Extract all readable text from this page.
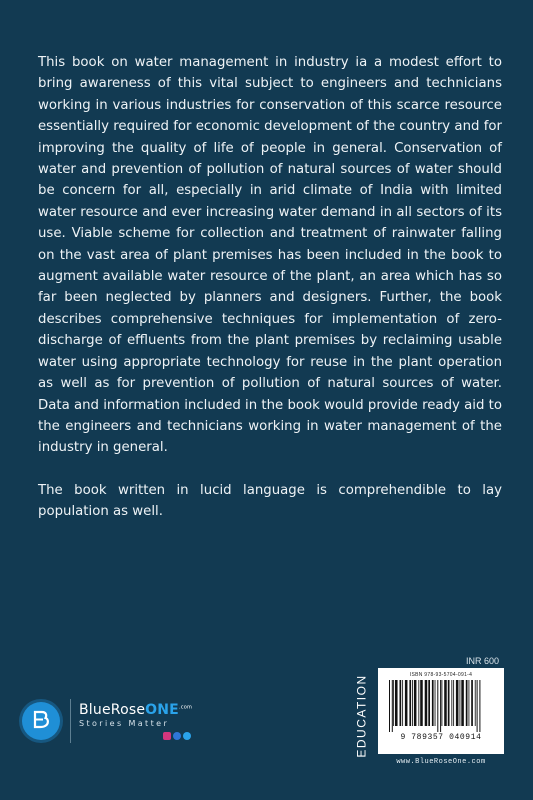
This book on water management in industry ia a modest effort to bring awareness of this vital subject to engineers and technicians working in various industries for conservation of this scarce resource essentially required for economic development of the country and for improving the quality of life of people in general. Conservation of water and prevention of pollution of natural sources of water should be concern for all, especially in arid climate of India with limited water resource and ever increasing water demand in all sectors of its use. Viable scheme for collection and treatment of rainwater falling on the vast area of plant premises has been included in the book to augment available water resource of the plant, an area which has so far been neglected by planners and designers. Further, the book describes comprehensive techniques for implementation of zero-discharge of effluents from the plant premises by reclaiming usable water using appropriate technology for reuse in the plant operation as well as for prevention of pollution of natural sources of water. Data and information included in the book would provide ready aid to the engineers and technicians working in water management of the industry in general.

The book written in lucid language is comprehendible to lay population as well.

BlueRoseONE$^{.com}$
Stories Matter
INR 600
EDUCATION	ISBN 978-93-5704-091-4
9 789357 040914
www.BlueRoseOne.com
